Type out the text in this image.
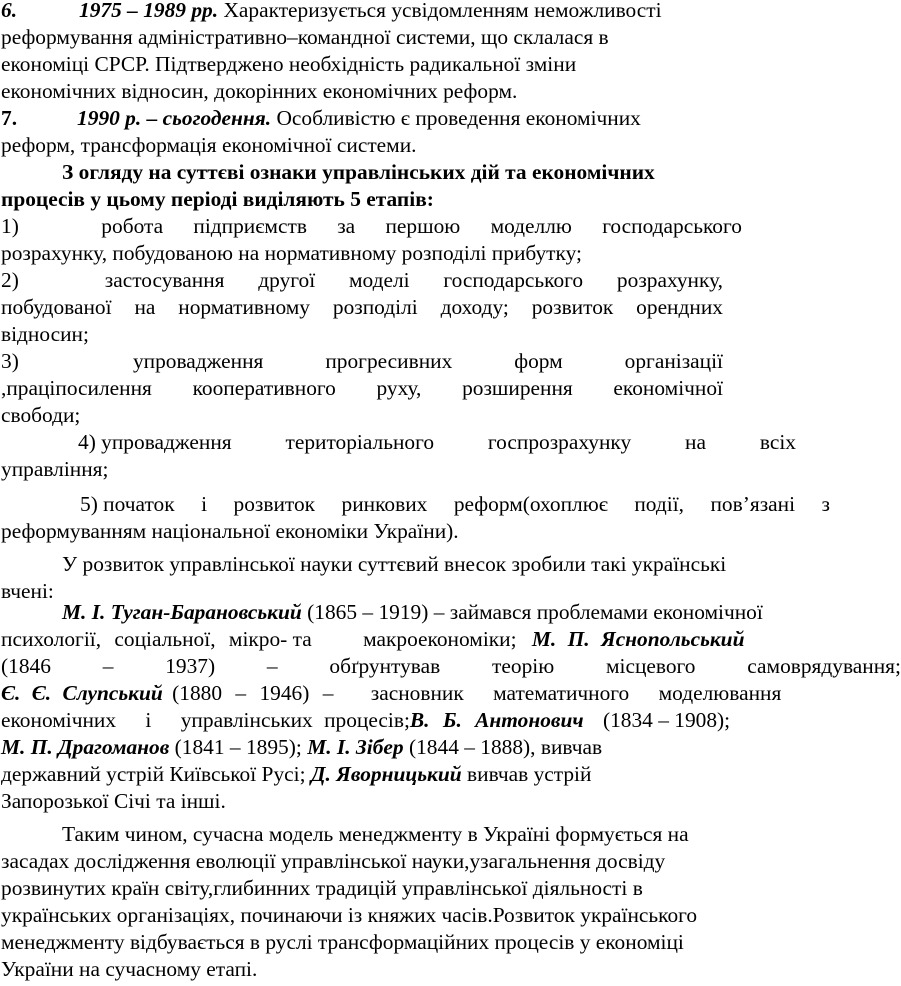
6.	1975 – 1989 рр. Характеризується усвідомленням неможливості
реформування адміністративно–командної системи, що склалася в
економіці СРСР. Підтверджено необхідність радикальної зміни
економічних відносин, докорінних економічних реформ.
7.	1990 р. – сьогодення. Особливістю є проведення економічних
реформ, трансформація економічної системи.
З огляду на суттєві ознаки управлінських дій та економічних
процесів у цьому періоді виділяють 5 етапів:
1)	робота підприємств за першою моделлю господарського
розрахунку, побудованою на нормативному розподілі прибутку;
2)	застосування другої моделі господарського розрахунку,
побудованої на нормативному розподілі доходу; розвиток орендних
відносин;
3)	упровадження	прогресивних	форм	організації
,праціпосилення кооперативного руху, розширення економічної
свободи;
4) упровадження	територіального	госпрозрахунку	на	всіх
управління;
5) початок і розвиток ринкових реформ(охоплює події, пов’язані з
реформуванням національної економіки України).
У розвиток управлінської науки суттєвий внесок зробили такі українські
вчені:
М. І. Туган-Барановський (1865 – 1919) – займався проблемами економічної
психології, соціальної, мікро- та макроекономіки; М. П. Яснопольський
(1846 – 1937) – обґрунтував теорію місцевого самоврядування;
Є. Є. Слупський (1880 – 1946) – засновник математичного моделювання
економічних і управлінських процесів;В. Б. Антонович (1834 – 1908);
М. П. Драгоманов (1841 – 1895); М. І. Зібер (1844 – 1888), вивчав
державний устрій Київської Русі; Д. Яворницький вивчав устрій
Запорозької Січі та інші.
Таким чином, сучасна модель менеджменту в Україні формується на
засадах дослідження еволюції управлінської науки,узагальнення досвіду
розвинутих країн світу,глибинних традицій управлінської діяльності в
українських організаціях, починаючи із княжих часів.Розвиток українського
менеджменту відбувається в руслі трансформаційних процесів у економіці
України на сучасному етапі.
